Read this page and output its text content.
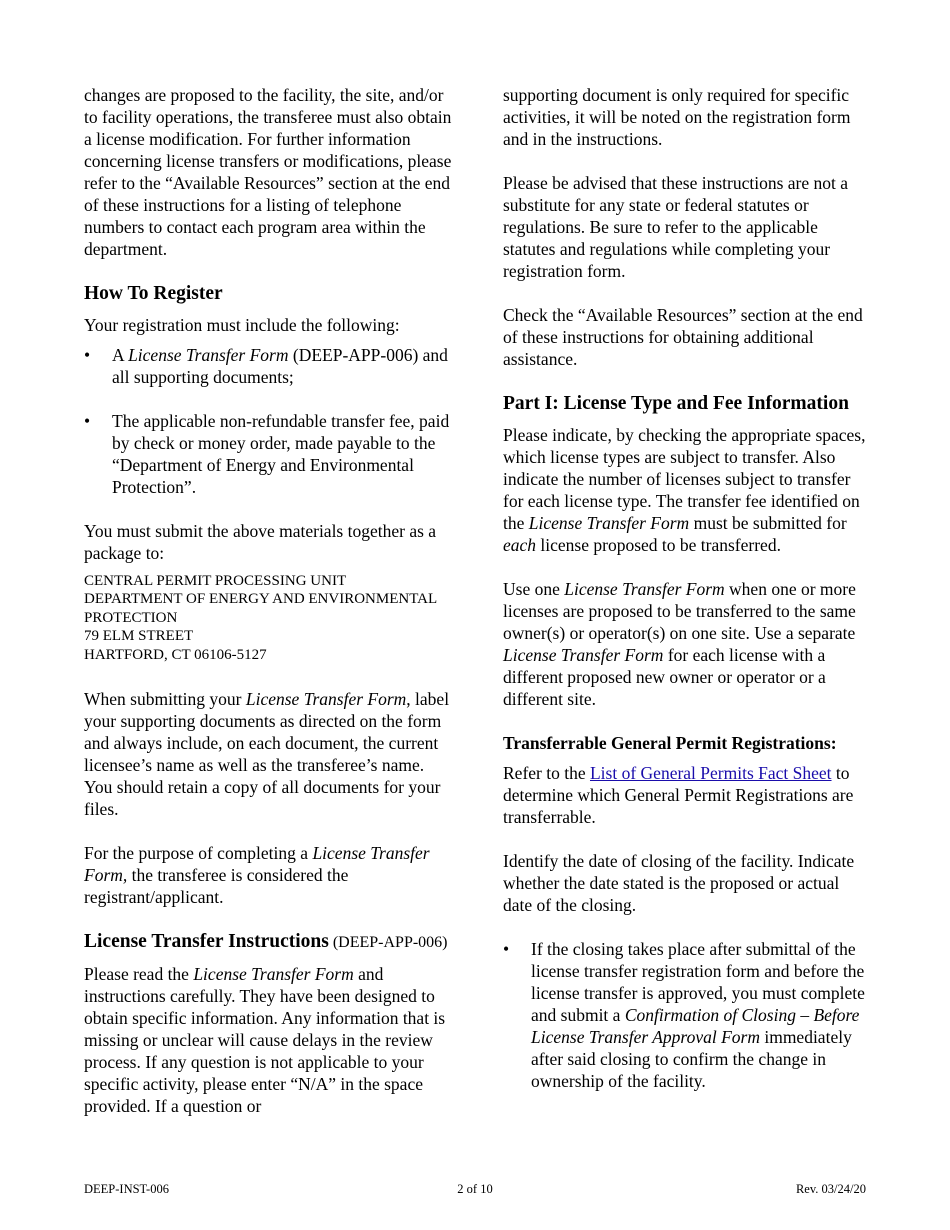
changes are proposed to the facility, the site, and/or to facility operations, the transferee must also obtain a license modification. For further information concerning license transfers or modifications, please refer to the “Available Resources” section at the end of these instructions for a listing of telephone numbers to contact each program area within the department.

How To Register

Your registration must include the following:

• A License Transfer Form (DEEP-APP-006) and all supporting documents;
• The applicable non-refundable transfer fee, paid by check or money order, made payable to the “Department of Energy and Environmental Protection”.

You must submit the above materials together as a package to:

CENTRAL PERMIT PROCESSING UNIT
DEPARTMENT OF ENERGY AND ENVIRONMENTAL
PROTECTION
79 ELM STREET
HARTFORD, CT 06106-5127

When submitting your License Transfer Form, label your supporting documents as directed on the form and always include, on each document, the current licensee’s name as well as the transferee’s name. You should retain a copy of all documents for your files.

For the purpose of completing a License Transfer Form, the transferee is considered the registrant/applicant.

License Transfer Instructions (DEEP-APP-006)

Please read the License Transfer Form and instructions carefully. They have been designed to obtain specific information. Any information that is missing or unclear will cause delays in the review process. If any question is not applicable to your specific activity, please enter “N/A” in the space provided. If a question or

supporting document is only required for specific activities, it will be noted on the registration form and in the instructions.

Please be advised that these instructions are not a substitute for any state or federal statutes or regulations. Be sure to refer to the applicable statutes and regulations while completing your registration form.

Check the “Available Resources” section at the end of these instructions for obtaining additional assistance.

Part I: License Type and Fee Information

Please indicate, by checking the appropriate spaces, which license types are subject to transfer. Also indicate the number of licenses subject to transfer for each license type. The transfer fee identified on the License Transfer Form must be submitted for each license proposed to be transferred.

Use one License Transfer Form when one or more licenses are proposed to be transferred to the same owner(s) or operator(s) on one site. Use a separate License Transfer Form for each license with a different proposed new owner or operator or a different site.

Transferrable General Permit Registrations:

Refer to the List of General Permits Fact Sheet to determine which General Permit Registrations are transferrable.

Identify the date of closing of the facility. Indicate whether the date stated is the proposed or actual date of the closing.

• If the closing takes place after submittal of the license transfer registration form and before the license transfer is approved, you must complete and submit a Confirmation of Closing – Before License Transfer Approval Form immediately after said closing to confirm the change in ownership of the facility.
DEEP-INST-006	2 of 10	Rev. 03/24/20
